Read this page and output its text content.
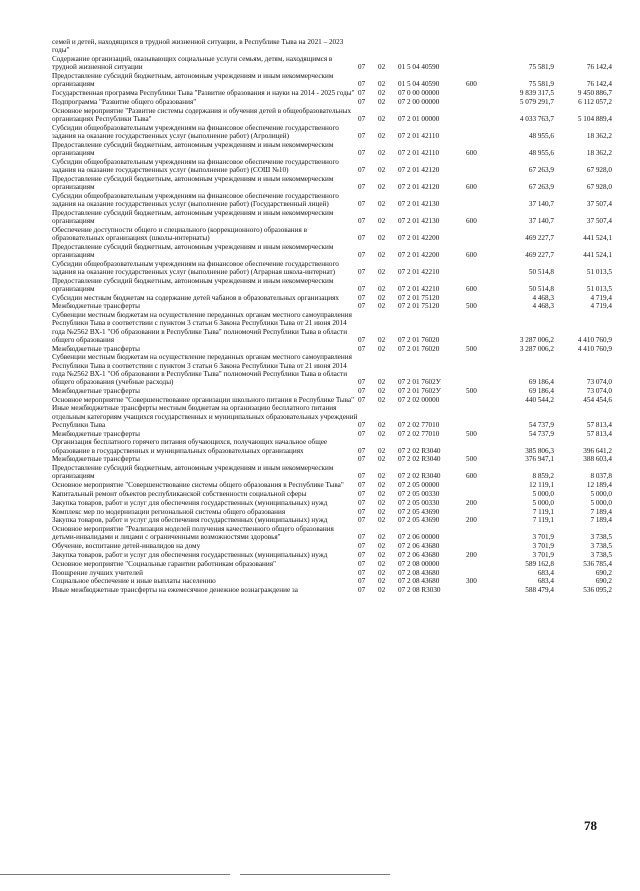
семей и детей, находящихся в трудной жизненной ситуации, в Республике Тыва на 2021 – 2023 годы"						
Содержание организаций, оказывающих социальные услуги семьям, детям, находящимся в трудной жизненной ситуации	07	02	01 5 04 40590		75 581,9	76 142,4
Предоставление субсидий бюджетным, автономным учреждениям и иным некоммерческим организациям	07	02	01 5 04 40590	600	75 581,9	76 142,4
Государственная программа Республики Тыва "Развитие образования и науки на 2014 - 2025 годы"	07	02	07 0 00 00000		9 839 317,5	9 450 886,7
Подпрограмма "Развитие общего образования"	07	02	07 2 00 00000		5 079 291,7	6 112 057,2
Основное мероприятие "Развитие системы содержания и обучения детей в общеобразовательных организациях Республики Тыва"	07	02	07 2 01 00000		4 033 763,7	5 104 889,4
Субсидии общеобразовательным учреждениям на финансовое обеспечение государственного задания на оказание государственных услуг (выполнение работ) (Агролицей)	07	02	07 2 01 42110		48 955,6	18 362,2
Предоставление субсидий бюджетным, автономным учреждениям и иным некоммерческим организациям	07	02	07 2 01 42110	600	48 955,6	18 362,2
Субсидии общеобразовательным учреждениям на финансовое обеспечение государственного задания на оказание государственных услуг (выполнение работ) (СОШ №10)	07	02	07 2 01 42120		67 263,9	67 928,0
Предоставление субсидий бюджетным, автономным учреждениям и иным некоммерческим организациям	07	02	07 2 01 42120	600	67 263,9	67 928,0
Субсидии общеобразовательным учреждениям на финансовое обеспечение государственного задания на оказание государственных услуг (выполнение работ) (Государственный лицей)	07	02	07 2 01 42130		37 140,7	37 507,4
Предоставление субсидий бюджетным, автономным учреждениям и иным некоммерческим организациям	07	02	07 2 01 42130	600	37 140,7	37 507,4
Обеспечение доступности общего и специального (коррекционного) образования в образовательных организациях (школы-интернаты)	07	02	07 2 01 42200		469 227,7	441 524,1
Предоставление субсидий бюджетным, автономным учреждениям и иным некоммерческим организациям	07	02	07 2 01 42200	600	469 227,7	441 524,1
Субсидии общеобразовательным учреждениям на финансовое обеспечение государственного задания на оказание государственных услуг (выполнение работ) (Аграрная школа-интернат)	07	02	07 2 01 42210		50 514,8	51 013,5
Предоставление субсидий бюджетным, автономным учреждениям и иным некоммерческим организациям	07	02	07 2 01 42210	600	50 514,8	51 013,5
Субсидии местным бюджетам на содержание детей чабанов в образовательных организациях	07	02	07 2 01 75120		4 468,3	4 719,4
Межбюджетные трансферты	07	02	07 2 01 75120	500	4 468,3	4 719,4
Субвенции местным бюджетам на осуществление переданных органам местного самоуправления Республики Тыва в соответствии с пунктом 3 статьи 6 Закона Республики Тыва от 21 июня 2014 года №2562 ВХ-1 "Об образовании в Республике Тыва" полномочий Республики Тыва в области общего образования	07	02	07 2 01 76020		3 287 006,2	4 410 760,9
Межбюджетные трансферты	07	02	07 2 01 76020	500	3 287 006,2	4 410 760,9
Субвенции местным бюджетам на осуществление переданных органам местного самоуправления Республики Тыва в соответствии с пунктом 3 статьи 6 Закона Республики Тыва от 21 июня 2014 года №2562 ВХ-1 "Об образовании в Республике Тыва" полномочий Республики Тыва в области общего образования (учебные расходы)	07	02	07 2 01 7602У		69 186,4	73 074,0
Межбюджетные трансферты	07	02	07 2 01 7602У	500	69 186,4	73 074,0
Основное мероприятие "Совершенствование организации школьного питания в Республике Тыва"	07	02	07 2 02 00000		440 544,2	454 454,6
Иные межбюджетные трансферты местным бюджетам на организацию бесплатного питания отдельным категориям учащихся государственных и муниципальных образовательных учреждений Республики Тыва	07	02	07 2 02 77010		54 737,9	57 813,4
Межбюджетные трансферты	07	02	07 2 02 77010	500	54 737,9	57 813,4
Организация бесплатного горячего питания обучающихся, получающих начальное общее образование в государственных и муниципальных образовательных организациях	07	02	07 2 02 R3040		385 806,3	396 641,2
Межбюджетные трансферты	07	02	07 2 02 R3040	500	376 947,1	388 603,4
Предоставление субсидий бюджетным, автономным учреждениям и иным некоммерческим организациям	07	02	07 2 02 R3040	600	8 859,2	8 037,8
Основное мероприятие "Совершенствование системы общего образования в Республике Тыва"	07	02	07 2 05 00000		12 119,1	12 189,4
Капитальный ремонт объектов республиканской собственности социальной сферы	07	02	07 2 05 00330		5 000,0	5 000,0
Закупка товаров, работ и услуг для обеспечения государственных (муниципальных) нужд	07	02	07 2 05 00330	200	5 000,0	5 000,0
Комплекс мер по модернизации региональной системы общего образования	07	02	07 2 05 43690		7 119,1	7 189,4
Закупка товаров, работ и услуг для обеспечения государственных (муниципальных) нужд	07	02	07 2 05 43690	200	7 119,1	7 189,4
Основное мероприятие "Реализация моделей получения качественного общего образования детьми-инвалидами и лицами с ограниченными возможностями здоровья"	07	02	07 2 06 00000		3 701,9	3 738,5
Обучение, воспитание детей-инвалидов на дому	07	02	07 2 06 43680		3 701,9	3 738,5
Закупка товаров, работ и услуг для обеспечения государственных (муниципальных) нужд	07	02	07 2 06 43680	200	3 701,9	3 738,5
Основное мероприятие "Социальные гарантии работникам образования"	07	02	07 2 08 00000		589 162,8	536 785,4
Поощрение лучших учителей	07	02	07 2 08 43680		683,4	690,2
Социальное обеспечение и иные выплаты населению	07	02	07 2 08 43680	300	683,4	690,2
Иные межбюджетные трансферты на ежемесячное денежное вознаграждение за	07	02	07 2 08 R3030		588 479,4	536 095,2
78
